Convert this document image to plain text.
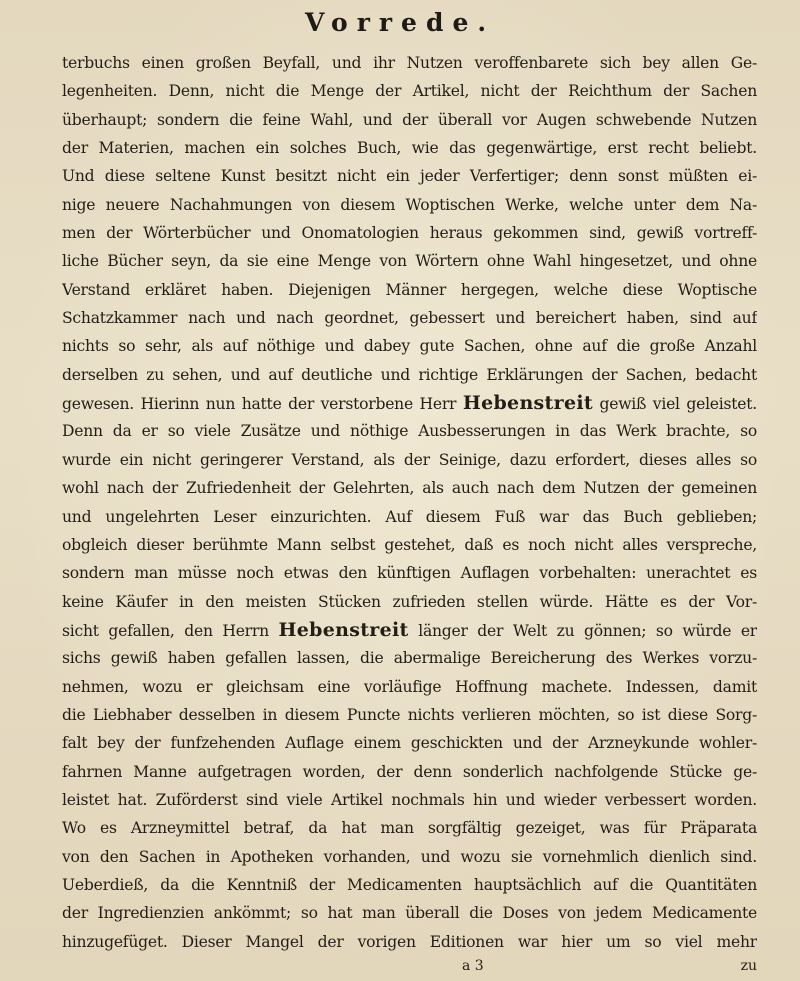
Vorrede.
terbuchs einen großen Beyfall, und ihr Nutzen veroffenbarete sich bey allen Ge-
legenheiten. Denn, nicht die Menge der Artikel, nicht der Reichthum der Sachen
überhaupt; sondern die feine Wahl, und der überall vor Augen schwebende Nutzen
der Materien, machen ein solches Buch, wie das gegenwärtige, erst recht beliebt.
Und diese seltene Kunst besitzt nicht ein jeder Verfertiger; denn sonst müßten ei-
nige neuere Nachahmungen von diesem Woptischen Werke, welche unter dem Na-
men der Wörterbücher und Onomatologien heraus gekommen sind, gewiß vortreff-
liche Bücher seyn, da sie eine Menge von Wörtern ohne Wahl hingesetzet, und ohne
Verstand erkläret haben. Diejenigen Männer hergegen, welche diese Woptische
Schatzkammer nach und nach geordnet, gebessert und bereichert haben, sind auf
nichts so sehr, als auf nöthige und dabey gute Sachen, ohne auf die große Anzahl
derselben zu sehen, und auf deutliche und richtige Erklärungen der Sachen, bedacht
gewesen. Hierinn nun hatte der verstorbene Herr Hebenstreit gewiß viel geleistet.
Denn da er so viele Zusätze und nöthige Ausbesserungen in das Werk brachte, so
wurde ein nicht geringerer Verstand, als der Seinige, dazu erfordert, dieses alles so
wohl nach der Zufriedenheit der Gelehrten, als auch nach dem Nutzen der gemeinen
und ungelehrten Leser einzurichten. Auf diesem Fuß war das Buch geblieben;
obgleich dieser berühmte Mann selbst gestehet, daß es noch nicht alles verspreche,
sondern man müsse noch etwas den künftigen Auflagen vorbehalten: unerachtet es
keine Käufer in den meisten Stücken zufrieden stellen würde. Hätte es der Vor-
sicht gefallen, den Herrn Hebenstreit länger der Welt zu gönnen; so würde er
sichs gewiß haben gefallen lassen, die abermalige Bereicherung des Werkes vorzu-
nehmen, wozu er gleichsam eine vorläufige Hoffnung machete. Indessen, damit
die Liebhaber desselben in diesem Puncte nichts verlieren möchten, so ist diese Sorg-
falt bey der funfzehenden Auflage einem geschickten und der Arzneykunde wohler-
fahrnen Manne aufgetragen worden, der denn sonderlich nachfolgende Stücke ge-
leistet hat. Zuförderst sind viele Artikel nochmals hin und wieder verbessert worden.
Wo es Arzneymittel betraf, da hat man sorgfältig gezeiget, was für Präparata
von den Sachen in Apotheken vorhanden, und wozu sie vornehmlich dienlich sind.
Ueberdieß, da die Kenntniß der Medicamenten hauptsächlich auf die Quantitäten
der Ingredienzien ankömmt; so hat man überall die Doses von jedem Medicamente
hinzugefüget. Dieser Mangel der vorigen Editionen war hier um so viel mehr
a 3	zu
